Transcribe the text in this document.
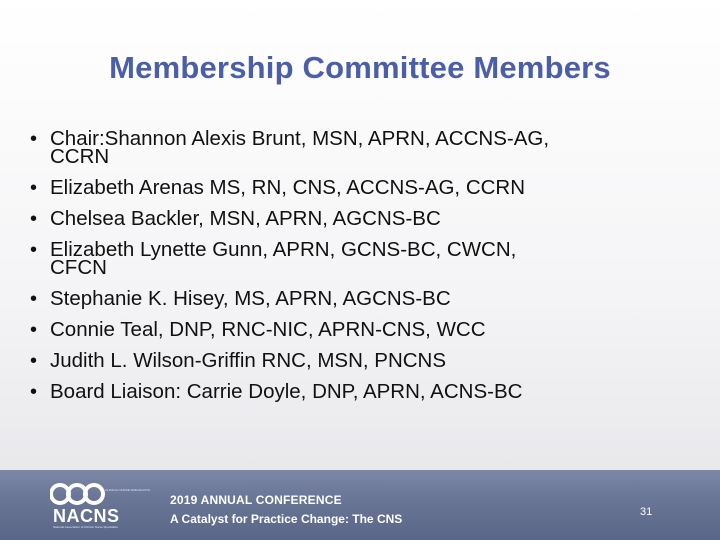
Membership Committee Members
• Chair:Shannon Alexis Brunt, MSN, APRN, ACCNS-AG,
CCRN
• Elizabeth Arenas MS, RN, CNS, ACCNS-AG, CCRN
• Chelsea Backler, MSN, APRN, AGCNS-BC
• Elizabeth Lynette Gunn, APRN, GCNS-BC, CWCN,
CFCN
• Stephanie K. Hisey, MS, APRN, AGCNS-BC
• Connie Teal, DNP, RNC-NIC, APRN-CNS, WCC
• Judith L. Wilson-Griffin RNC, MSN, PNCNS
• Board Liaison: Carrie Doyle, DNP, APRN, ACNS-BC
CLINICAL NURSE SPECIALISTS
NACNS
National Association of Clinical Nurse Specialists
2019 ANNUAL CONFERENCE
A Catalyst for Practice Change: The CNS	31
